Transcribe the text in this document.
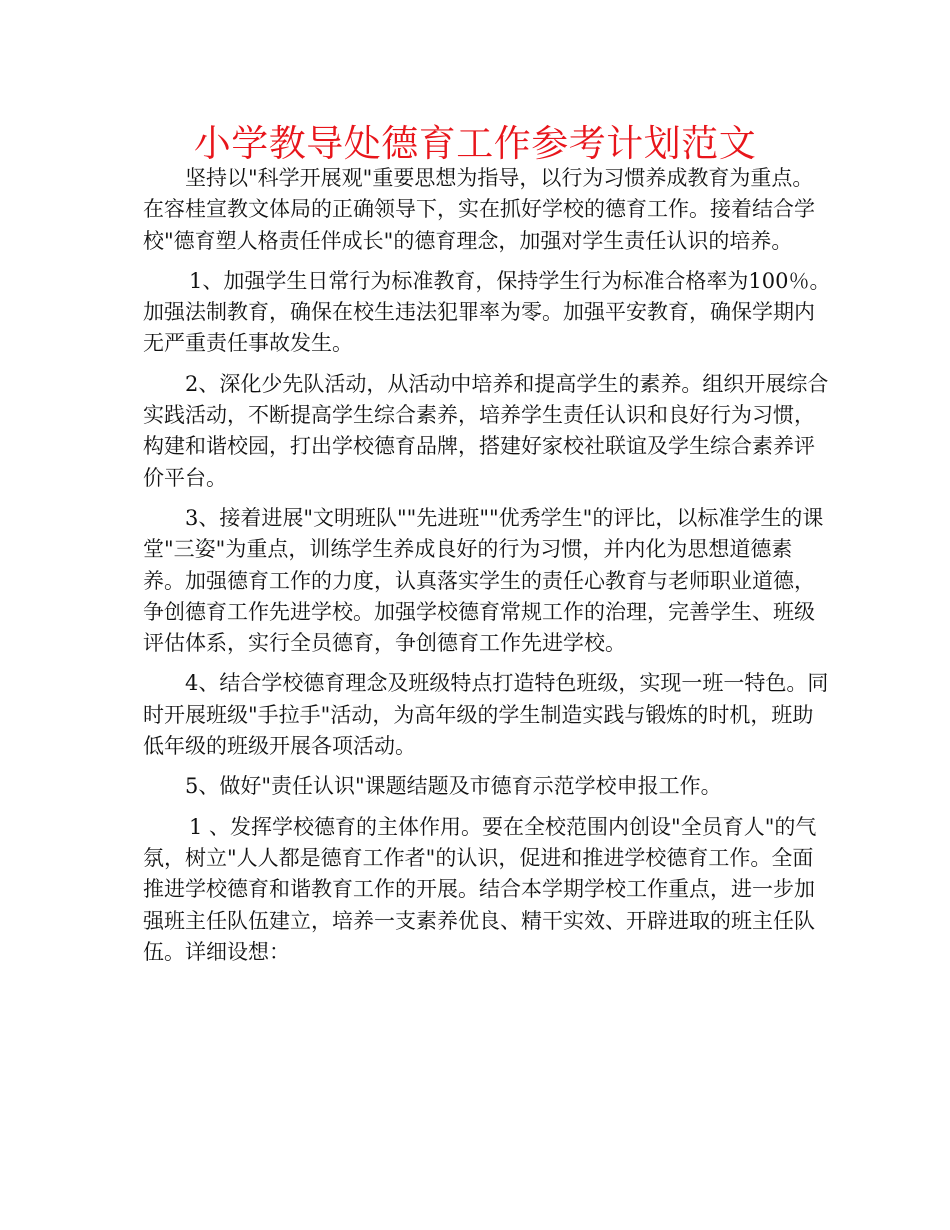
小学教导处德育工作参考计划范文

坚持以"科学开展观"重要思想为指导，以行为习惯养成教育为重点。在容桂宣教文体局的正确领导下，实在抓好学校的德育工作。接着结合学校"德育塑人格责任伴成长"的德育理念，加强对学生责任认识的培养。

1、加强学生日常行为标准教育，保持学生行为标准合格率为100％。加强法制教育，确保在校生违法犯罪率为零。加强平安教育，确保学期内无严重责任事故发生。

2、深化少先队活动，从活动中培养和提高学生的素养。组织开展综合实践活动，不断提高学生综合素养，培养学生责任认识和良好行为习惯，构建和谐校园，打出学校德育品牌，搭建好家校社联谊及学生综合素养评价平台。

3、接着进展"文明班队""先进班""优秀学生"的评比，以标准学生的课堂"三姿"为重点，训练学生养成良好的行为习惯，并内化为思想道德素养。加强德育工作的力度，认真落实学生的责任心教育与老师职业道德，争创德育工作先进学校。加强学校德育常规工作的治理，完善学生、班级评估体系，实行全员德育，争创德育工作先进学校。

4、结合学校德育理念及班级特点打造特色班级，实现一班一特色。同时开展班级"手拉手"活动，为高年级的学生制造实践与锻炼的时机，班助低年级的班级开展各项活动。

5、做好"责任认识"课题结题及市德育示范学校申报工作。

1 、发挥学校德育的主体作用。要在全校范围内创设"全员育人"的气氛，树立"人人都是德育工作者"的认识，促进和推进学校德育工作。全面推进学校德育和谐教育工作的开展。结合本学期学校工作重点，进一步加强班主任队伍建立，培养一支素养优良、精干实效、开辟进取的班主任队伍。详细设想：
